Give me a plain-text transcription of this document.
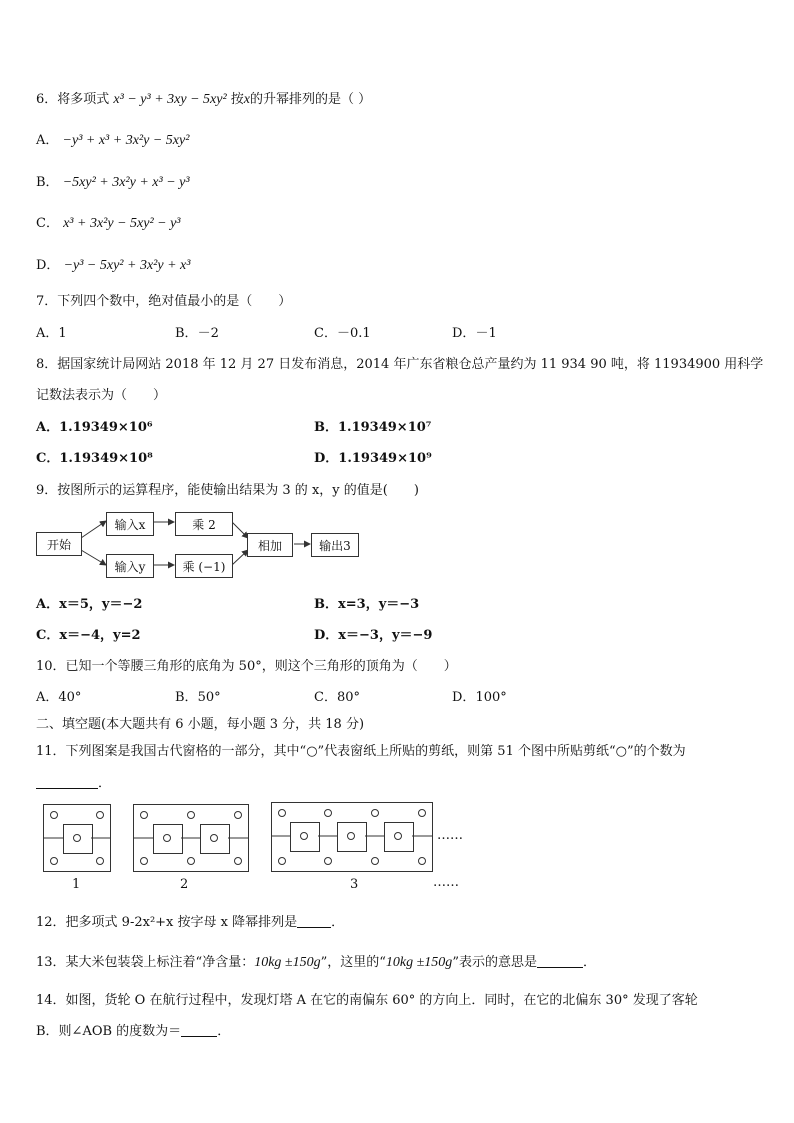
6．将多项式 x³ − y³ + 3xy − 5xy² 按x的升幂排列的是（ ）
A． −y³ + x³ + 3x²y − 5xy²
B． −5xy² + 3x²y + x³ − y³
C． x³ + 3x²y − 5xy² − y³
D． −y³ − 5xy² + 3x²y + x³
7．下列四个数中，绝对值最小的是（　　）
A．1	B．－2	C．－0.1	D．－1
8．据国家统计局网站 2018 年 12 月 27 日发布消息，2014 年广东省粮仓总产量约为 11 934 90 吨，将 11934900 用科学
记数法表示为（　　）
A．1.19349×10⁶	B．1.19349×10⁷
C．1.19349×10⁸	D．1.19349×10⁹
9．按图所示的运算程序，能使输出结果为 3 的 x，y 的值是(　　)
开始
输入x	乘 2
输入y	乘 (−1)
相加	输出3
A．x＝5，y＝−2	B．x=3，y＝−3
C．x＝−4，y=2	D．x＝−3，y＝−9
10．已知一个等腰三角形的底角为 50°，则这个三角形的顶角为（　　）
A．40°	B．50°	C．80°	D．100°
二、填空题(本大题共有 6 小题，每小题 3 分，共 18 分)
11．下列图案是我国古代窗格的一部分，其中“○”代表窗纸上所贴的剪纸，则第 51 个图中所贴剪纸“○”的个数为
．
……
1	2	3	……
12．把多项式 9-2x²+x 按字母 x 降幂排列是	．
13．某大米包装袋上标注着“净含量：10kg ±150g”，这里的“10kg ±150g”表示的意思是	．
14．如图，货轮 O 在航行过程中，发现灯塔 A 在它的南偏东 60° 的方向上．同时，在它的北偏东 30° 发现了客轮
B．则∠AOB 的度数为＝	．
